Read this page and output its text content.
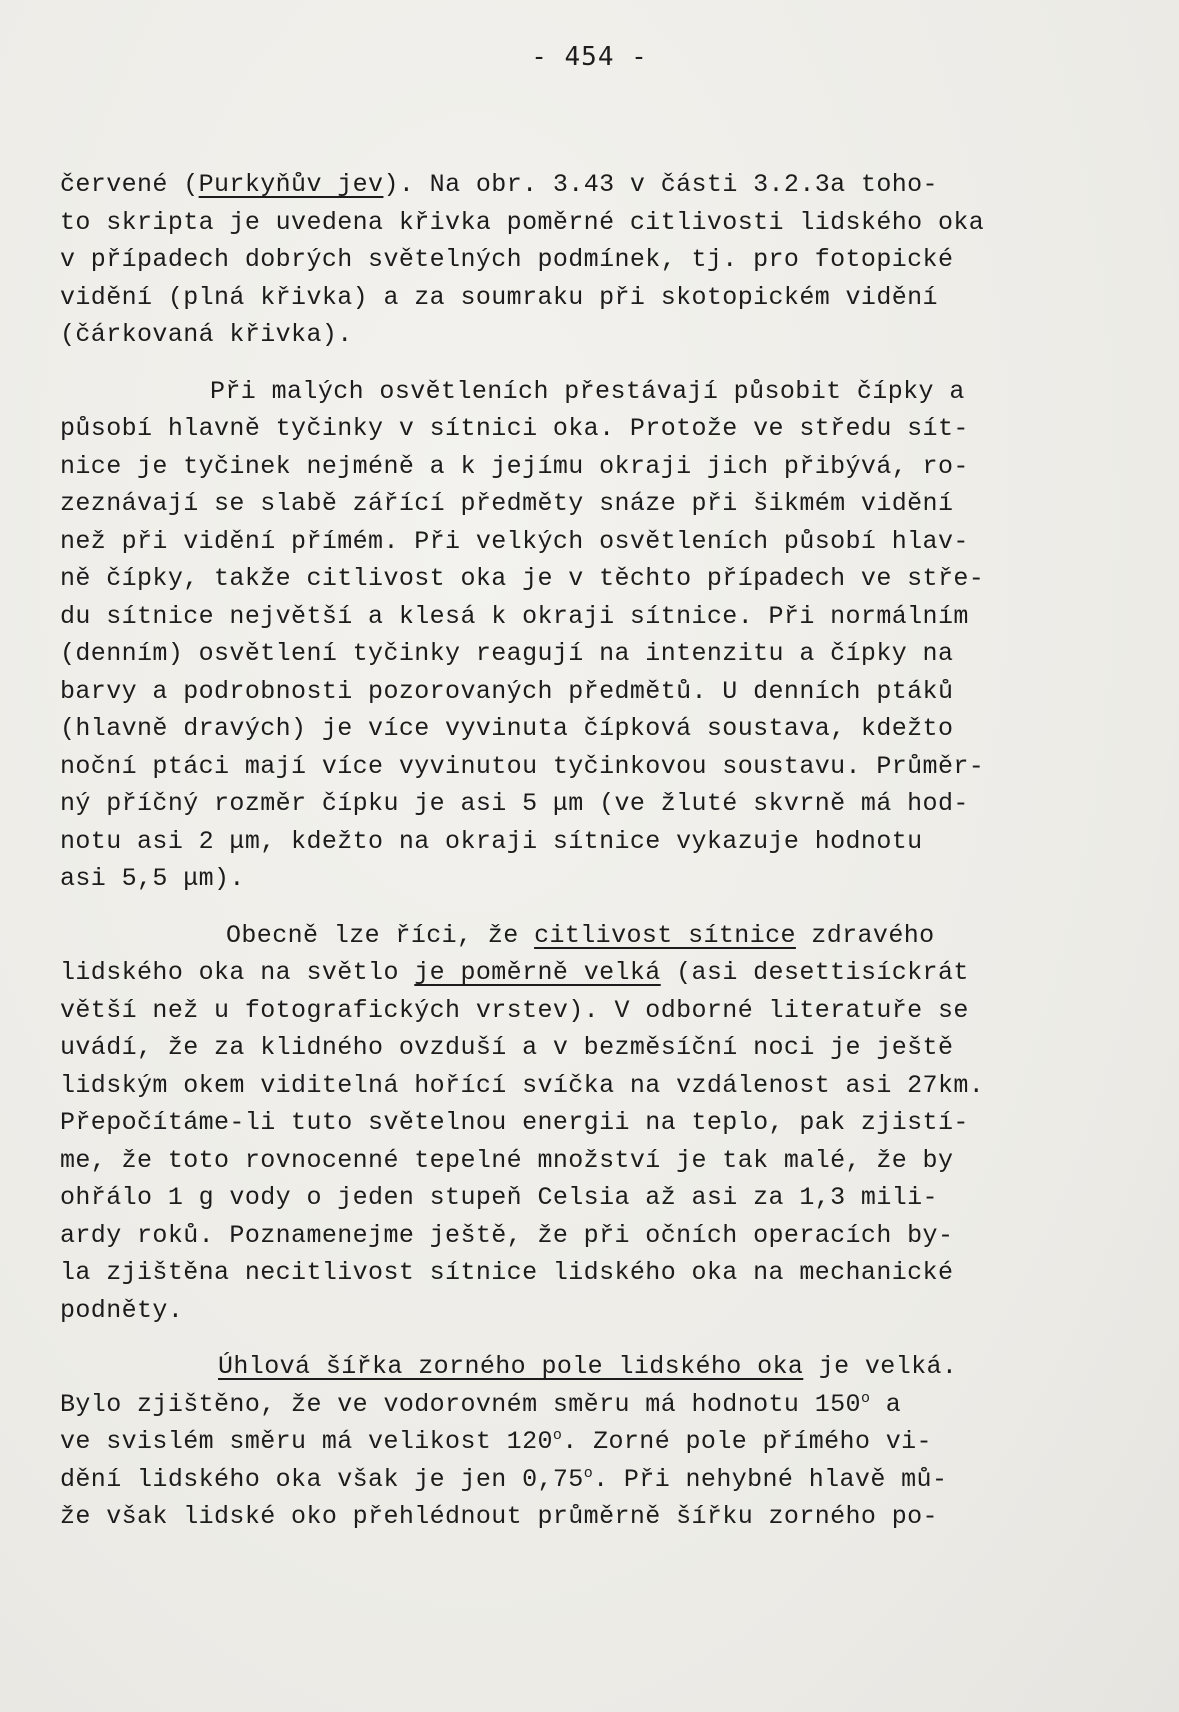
- 454 -
červené (Purkyňův jev). Na obr. 3.43 v části 3.2.3a toho-
to skripta je uvedena křivka poměrné citlivosti lidského oka
v případech dobrých světelných podmínek, tj. pro fotopické
vidění (plná křivka) a za soumraku při skotopickém vidění
(čárkovaná křivka).
Při malých osvětleních přestávají působit čípky a
působí hlavně tyčinky v sítnici oka. Protože ve středu sít-
nice je tyčinek nejméně a k jejímu okraji jich přibývá, ro-
zeznávají se slabě zářící předměty snáze při šikmém vidění
než při vidění přímém. Při velkých osvětleních působí hlav-
ně čípky, takže citlivost oka je v těchto případech ve stře-
du sítnice největší a klesá k okraji sítnice. Při normálním
(denním) osvětlení tyčinky reagují na intenzitu a čípky na
barvy a podrobnosti pozorovaných předmětů. U denních ptáků
(hlavně dravých) je více vyvinuta čípková soustava, kdežto
noční ptáci mají více vyvinutou tyčinkovou soustavu. Průměr-
ný příčný rozměr čípku je asi 5 μm (ve žluté skvrně má hod-
notu asi 2 μm, kdežto na okraji sítnice vykazuje hodnotu
asi 5,5 μm).
Obecně lze říci, že citlivost sítnice zdravého
lidského oka na světlo je poměrně velká (asi desettisíckrát
větší než u fotografických vrstev). V odborné literatuře se
uvádí, že za klidného ovzduší a v bezměsíční noci je ještě
lidským okem viditelná hořící svíčka na vzdálenost asi 27km.
Přepočítáme-li tuto světelnou energii na teplo, pak zjistí-
me, že toto rovnocenné tepelné množství je tak malé, že by
ohřálo 1 g vody o jeden stupeň Celsia až asi za 1,3 mili-
ardy roků. Poznamenejme ještě, že při očních operacích by-
la zjištěna necitlivost sítnice lidského oka na mechanické
podněty.
Úhlová šířka zorného pole lidského oka je velká.
Bylo zjištěno, že ve vodorovném směru má hodnotu 150$^o$ a
ve svislém směru má velikost 120$^o$. Zorné pole přímého vi-
dění lidského oka však je jen 0,75$^o$. Při nehybné hlavě mů-
že však lidské oko přehlédnout průměrně šířku zorného po-
